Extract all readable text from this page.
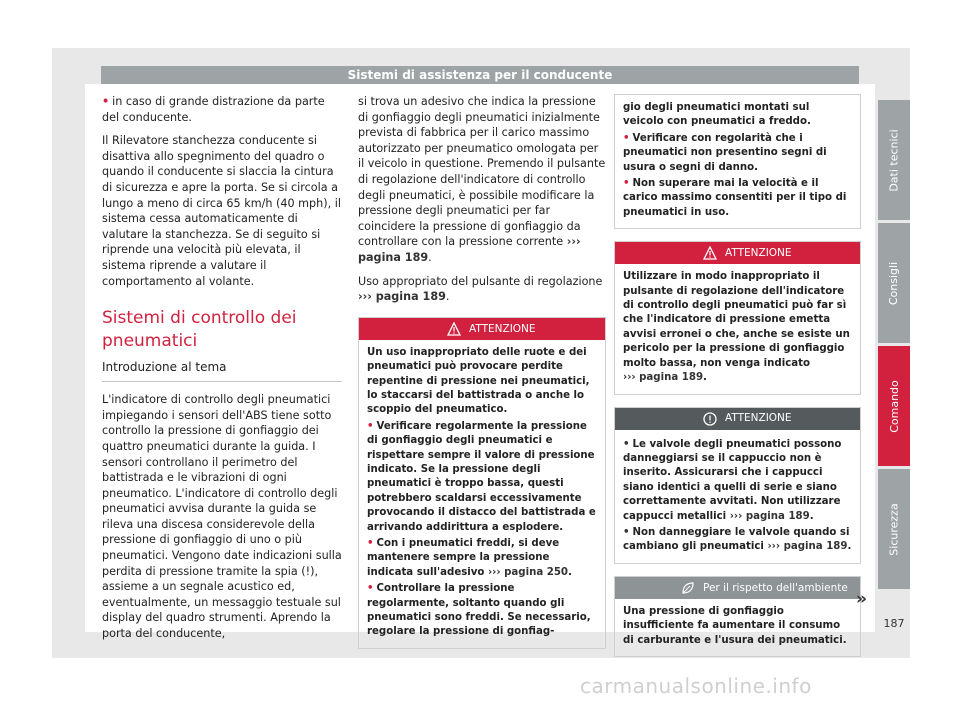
Sistemi di assistenza per il conducente

• in caso di grande distrazione da parte del conducente.

Il Rilevatore stanchezza conducente si disattiva allo spegnimento del quadro o quando il conducente si slaccia la cintura di sicurezza e apre la porta. Se si circola a lungo a meno di circa 65 km/h (40 mph), il sistema cessa automaticamente di valutare la stanchezza. Se di seguito si riprende una velocità più elevata, il sistema riprende a valutare il comportamento al volante.

Sistemi di controllo dei pneumatici
Introduzione al tema

L'indicatore di controllo degli pneumatici impiegando i sensori dell'ABS tiene sotto controllo la pressione di gonfiaggio dei quattro pneumatici durante la guida. I sensori controllano il perimetro del battistrada e le vibrazioni di ogni pneumatico. L'indicatore di controllo degli pneumatici avvisa durante la guida se rileva una discesa considerevole della pressione di gonfiaggio di uno o più pneumatici. Vengono date indicazioni sulla perdita di pressione tramite la spia (!), assieme a un segnale acustico ed, eventualmente, un messaggio testuale sul display del quadro strumenti. Aprendo la porta del conducente,

si trova un adesivo che indica la pressione di gonfiaggio degli pneumatici inizialmente prevista di fabbrica per il carico massimo autorizzato per pneumatico omologata per il veicolo in questione. Premendo il pulsante di regolazione dell'indicatore di controllo degli pneumatici, è possibile modificare la pressione degli pneumatici per far coincidere la pressione di gonfiaggio da controllare con la pressione corrente ››› pagina 189.

Uso appropriato del pulsante di regolazione ››› pagina 189.

ATTENZIONE
Un uso inappropriato delle ruote e dei pneumatici può provocare perdite repentine di pressione nei pneumatici, lo staccarsi del battistrada o anche lo scoppio del pneumatico.
• Verificare regolarmente la pressione di gonfiaggio degli pneumatici e rispettare sempre il valore di pressione indicato. Se la pressione degli pneumatici è troppo bassa, questi potrebbero scaldarsi eccessivamente provocando il distacco del battistrada e arrivando addirittura a esplodere.
• Con i pneumatici freddi, si deve mantenere sempre la pressione indicata sull'adesivo ››› pagina 250.
• Controllare la pressione regolarmente, soltanto quando gli pneumatici sono freddi. Se necessario, regolare la pressione di gonfiag-
gio degli pneumatici montati sul veicolo con pneumatici a freddo.
• Verificare con regolarità che i pneumatici non presentino segni di usura o segni di danno.
• Non superare mai la velocità e il carico massimo consentiti per il tipo di pneumatici in uso.
ATTENZIONE
Utilizzare in modo inappropriato il pulsante di regolazione dell'indicatore di controllo degli pneumatici può far sì che l'indicatore di pressione emetta avvisi erronei o che, anche se esiste un pericolo per la pressione di gonfiaggio molto bassa, non venga indicato
››› pagina 189.
ATTENZIONE
• Le valvole degli pneumatici possono danneggiarsi se il cappuccio non è inserito. Assicurarsi che i cappucci siano identici a quelli di serie e siano correttamente avvitati. Non utilizzare cappucci metallici ››› pagina 189.
• Non danneggiare le valvole quando si cambiano gli pneumatici ››› pagina 189.
Per il rispetto dell'ambiente
Una pressione di gonfiaggio insufficiente fa aumentare il consumo di carburante e l'usura dei pneumatici.
»
Dati tecnici
Consigli
Comando
Sicurezza
187
carmanualsonline.info
